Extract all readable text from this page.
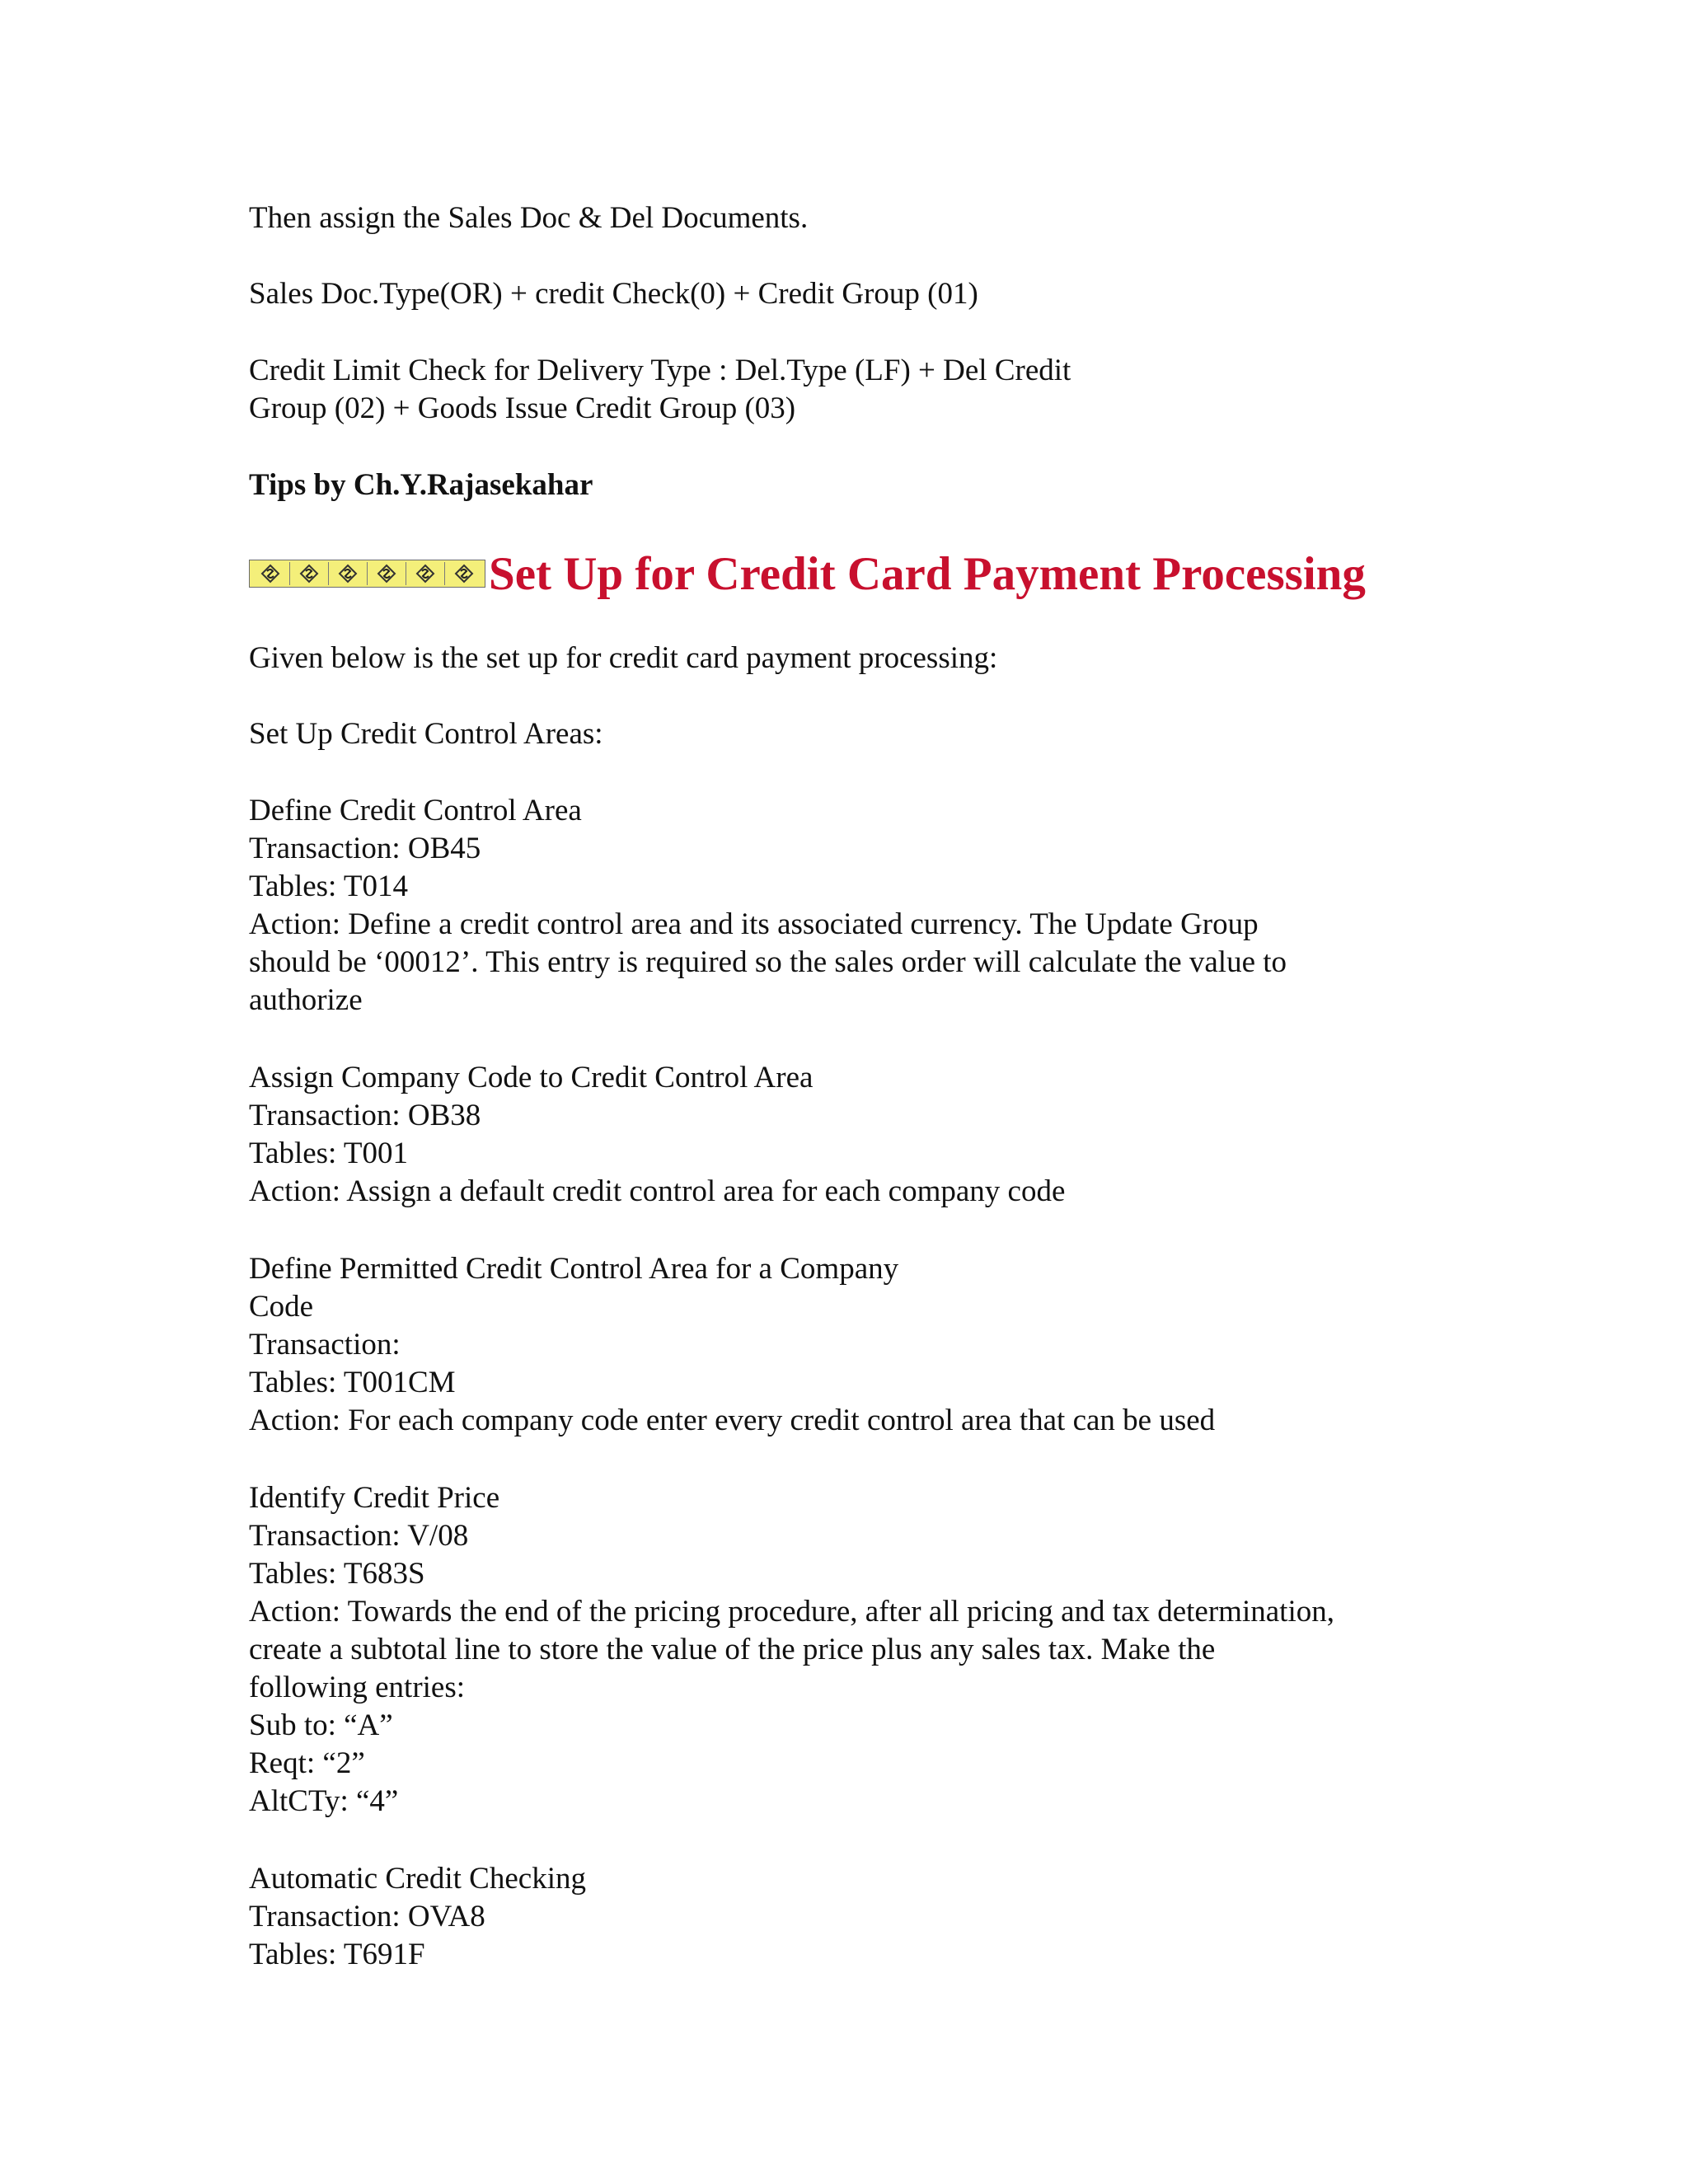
Then assign the Sales Doc & Del Documents.
Sales Doc.Type(OR) + credit Check(0) + Credit Group (01)
Credit Limit Check for Delivery Type : Del.Type (LF) + Del Credit
Group (02) + Goods Issue Credit Group (03)
Tips by Ch.Y.Rajasekahar
Set Up for Credit Card Payment Processing
Given below is the set up for credit card payment processing:
Set Up Credit Control Areas:
Define Credit Control Area
Transaction: OB45
Tables: T014
Action: Define a credit control area and its associated currency. The Update Group
should be ‘00012’. This entry is required so the sales order will calculate the value to
authorize
Assign Company Code to Credit Control Area
Transaction: OB38
Tables: T001
Action: Assign a default credit control area for each company code
Define Permitted Credit Control Area for a Company
Code
Transaction:
Tables: T001CM
Action: For each company code enter every credit control area that can be used
Identify Credit Price
Transaction: V/08
Tables: T683S
Action: Towards the end of the pricing procedure, after all pricing and tax determination,
create a subtotal line to store the value of the price plus any sales tax. Make the
following entries:
Sub to: “A”
Reqt: “2”
AltCTy: “4”
Automatic Credit Checking
Transaction: OVA8
Tables: T691F
